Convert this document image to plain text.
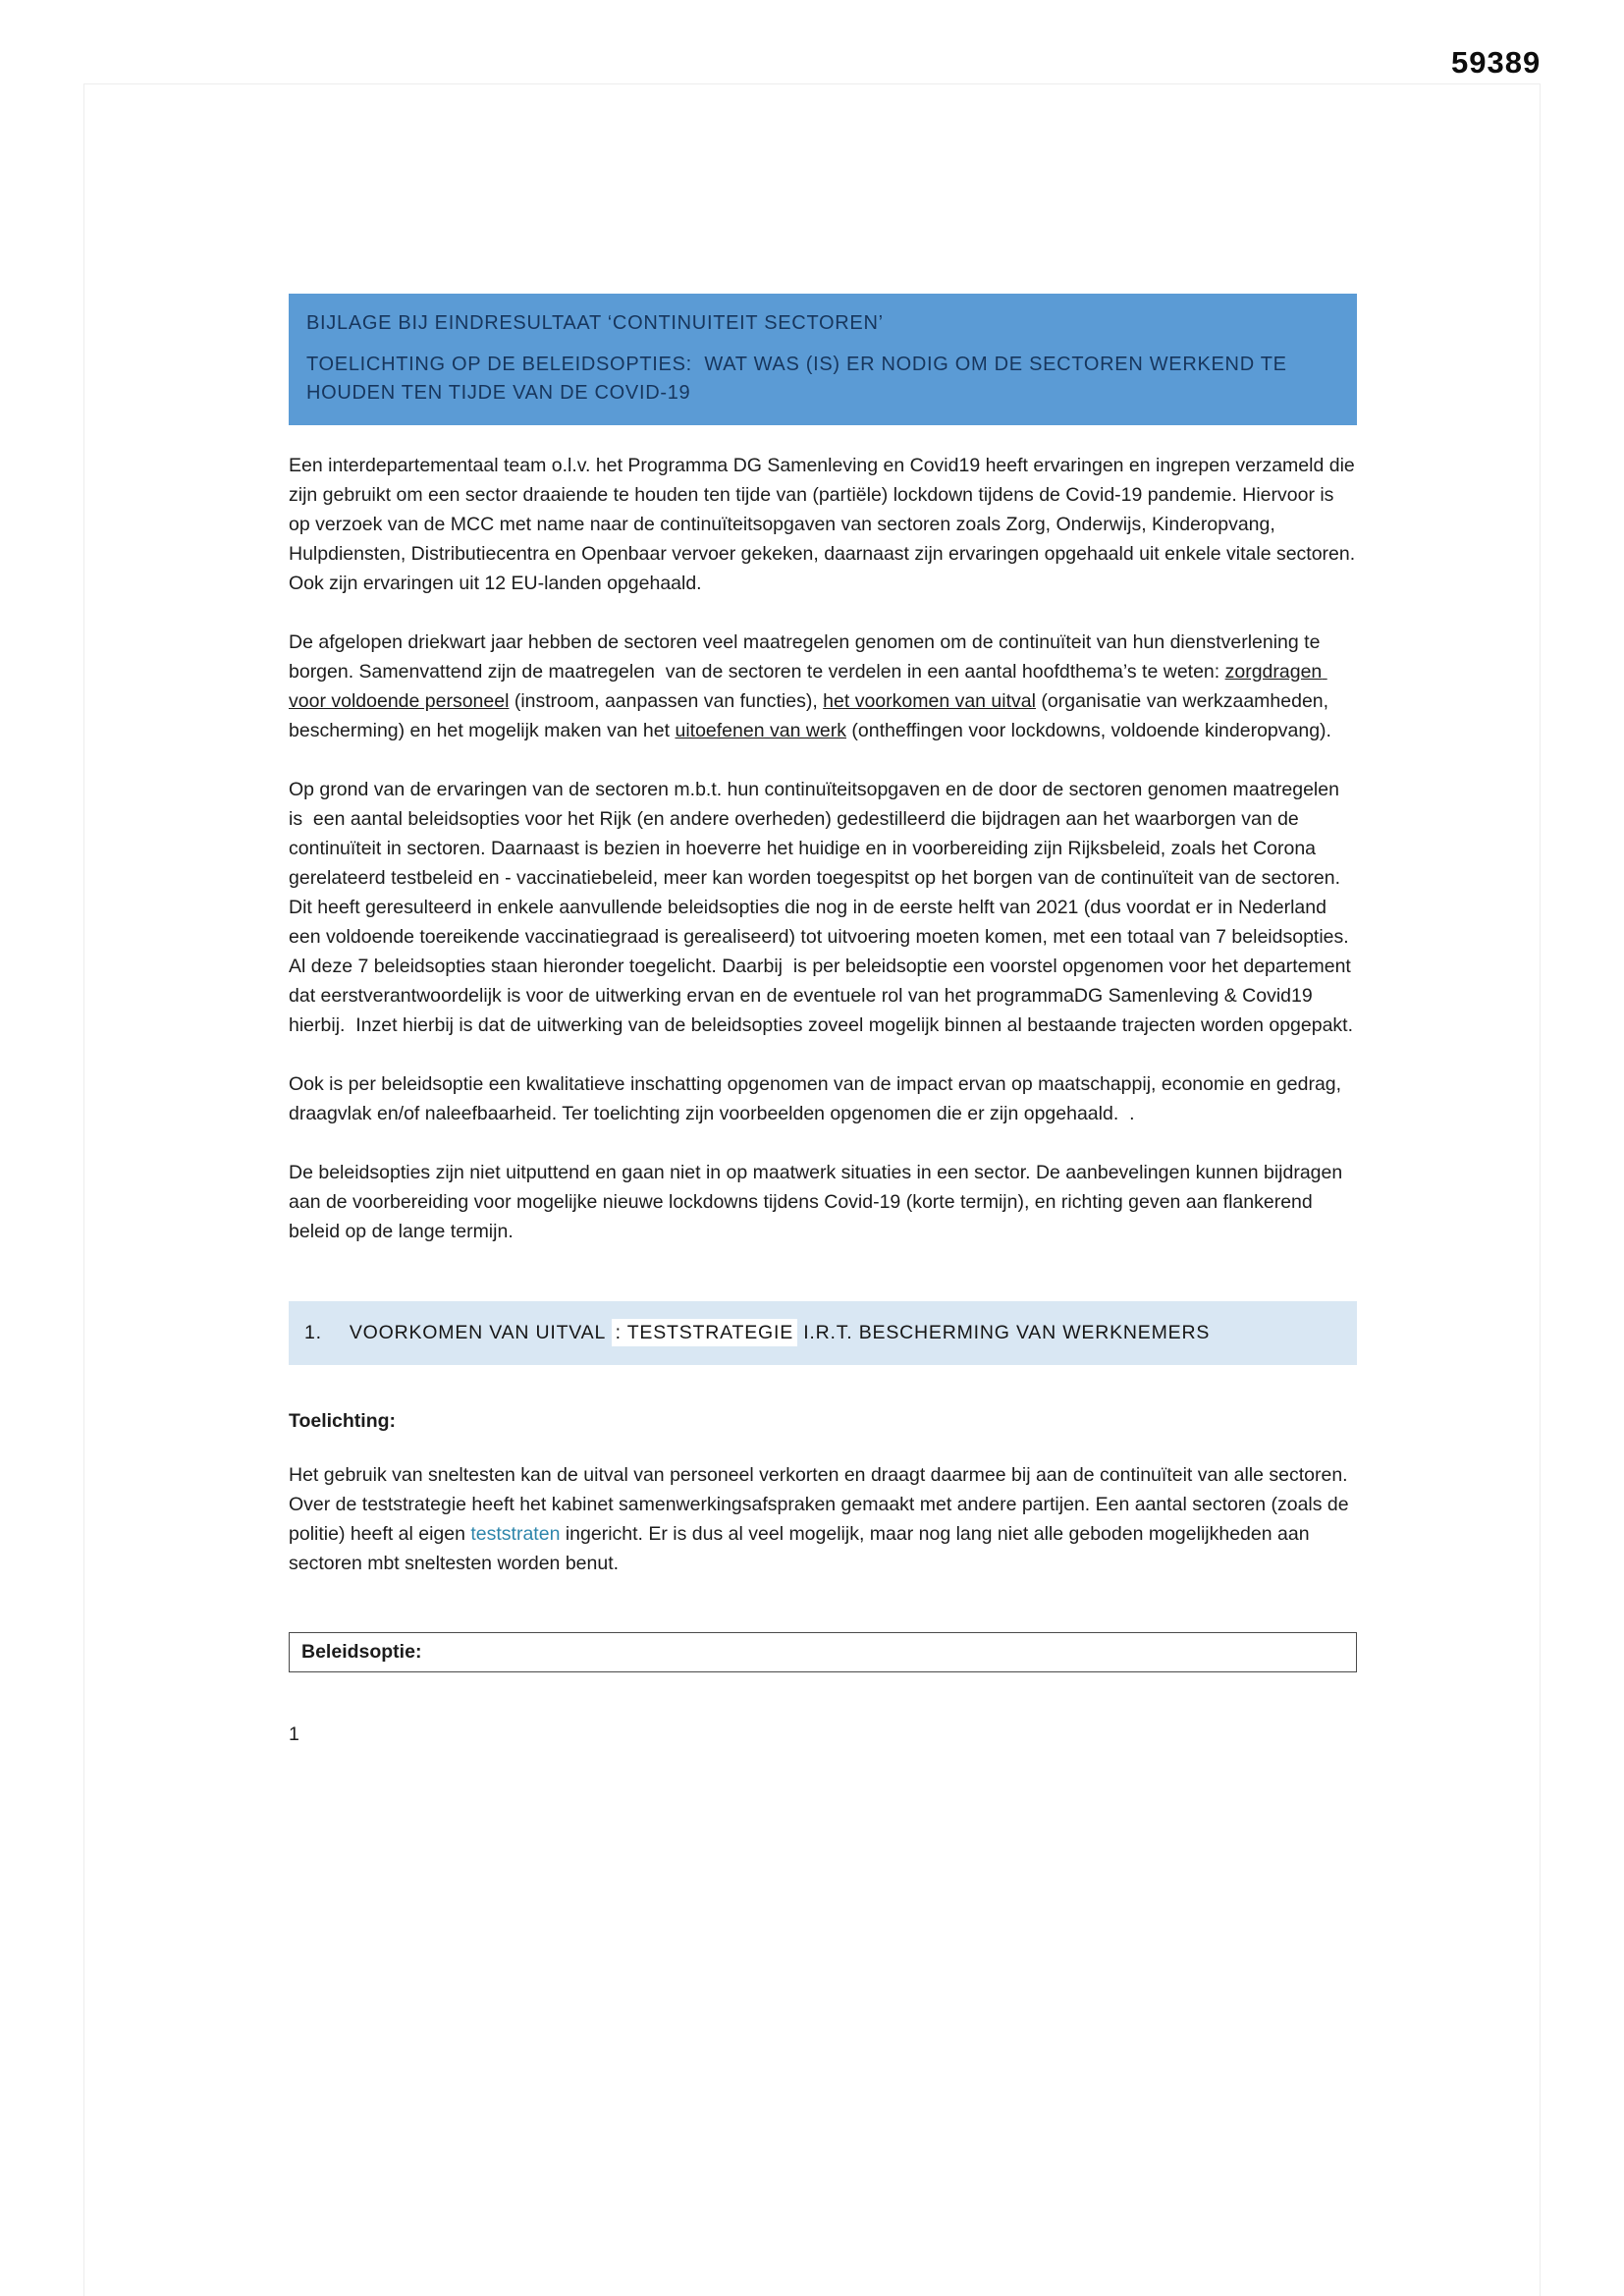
59389

BIJLAGE BIJ EINDRESULTAAT ‘CONTINUITEIT SECTOREN’

TOELICHTING OP DE BELEIDSOPTIES:  WAT WAS (IS) ER NODIG OM DE SECTOREN WERKEND TE HOUDEN TEN TIJDE VAN DE COVID-19

Een interdepartementaal team o.l.v. het Programma DG Samenleving en Covid19 heeft ervaringen en ingrepen verzameld die zijn gebruikt om een sector draaiende te houden ten tijde van (partiële) lockdown tijdens de Covid-19 pandemie. Hiervoor is op verzoek van de MCC met name naar de continuïteitsopgaven van sectoren zoals Zorg, Onderwijs, Kinderopvang, Hulpdiensten, Distributiecentra en Openbaar vervoer gekeken, daarnaast zijn ervaringen opgehaald uit enkele vitale sectoren. Ook zijn ervaringen uit 12 EU-landen opgehaald.

De afgelopen driekwart jaar hebben de sectoren veel maatregelen genomen om de continuïteit van hun dienstverlening te borgen. Samenvattend zijn de maatregelen  van de sectoren te verdelen in een aantal hoofdthema’s te weten: zorgdragen voor voldoende personeel (instroom, aanpassen van functies), het voorkomen van uitval (organisatie van werkzaamheden, bescherming) en het mogelijk maken van het uitoefenen van werk (ontheffingen voor lockdowns, voldoende kinderopvang).

Op grond van de ervaringen van de sectoren m.b.t. hun continuïteitsopgaven en de door de sectoren genomen maatregelen is  een aantal beleidsopties voor het Rijk (en andere overheden) gedestilleerd die bijdragen aan het waarborgen van de continuïteit in sectoren. Daarnaast is bezien in hoeverre het huidige en in voorbereiding zijn Rijksbeleid, zoals het Corona gerelateerd testbeleid en - vaccinatiebeleid, meer kan worden toegespitst op het borgen van de continuïteit van de sectoren.  Dit heeft geresulteerd in enkele aanvullende beleidsopties die nog in de eerste helft van 2021 (dus voordat er in Nederland een voldoende toereikende vaccinatiegraad is gerealiseerd) tot uitvoering moeten komen, met een totaal van 7 beleidsopties. Al deze 7 beleidsopties staan hieronder toegelicht. Daarbij  is per beleidsoptie een voorstel opgenomen voor het departement dat eerstverantwoordelijk is voor de uitwerking ervan en de eventuele rol van het programmaDG Samenleving & Covid19 hierbij.  Inzet hierbij is dat de uitwerking van de beleidsopties zoveel mogelijk binnen al bestaande trajecten worden opgepakt.

Ook is per beleidsoptie een kwalitatieve inschatting opgenomen van de impact ervan op maatschappij, economie en gedrag, draagvlak en/of naleefbaarheid. Ter toelichting zijn voorbeelden opgenomen die er zijn opgehaald.  .

De beleidsopties zijn niet uitputtend en gaan niet in op maatwerk situaties in een sector. De aanbevelingen kunnen bijdragen aan de voorbereiding voor mogelijke nieuwe lockdowns tijdens Covid-19 (korte termijn), en richting geven aan flankerend beleid op de lange termijn.

1. VOORKOMEN VAN UITVAL : TESTSTRATEGIE I.R.T. BESCHERMING VAN WERKNEMERS

Toelichting:

Het gebruik van sneltesten kan de uitval van personeel verkorten en draagt daarmee bij aan de continuïteit van alle sectoren. Over de teststrategie heeft het kabinet samenwerkingsafspraken gemaakt met andere partijen. Een aantal sectoren (zoals de politie) heeft al eigen teststraten ingericht. Er is dus al veel mogelijk, maar nog lang niet alle geboden mogelijkheden aan sectoren mbt sneltesten worden benut.

Beleidsoptie:
1
